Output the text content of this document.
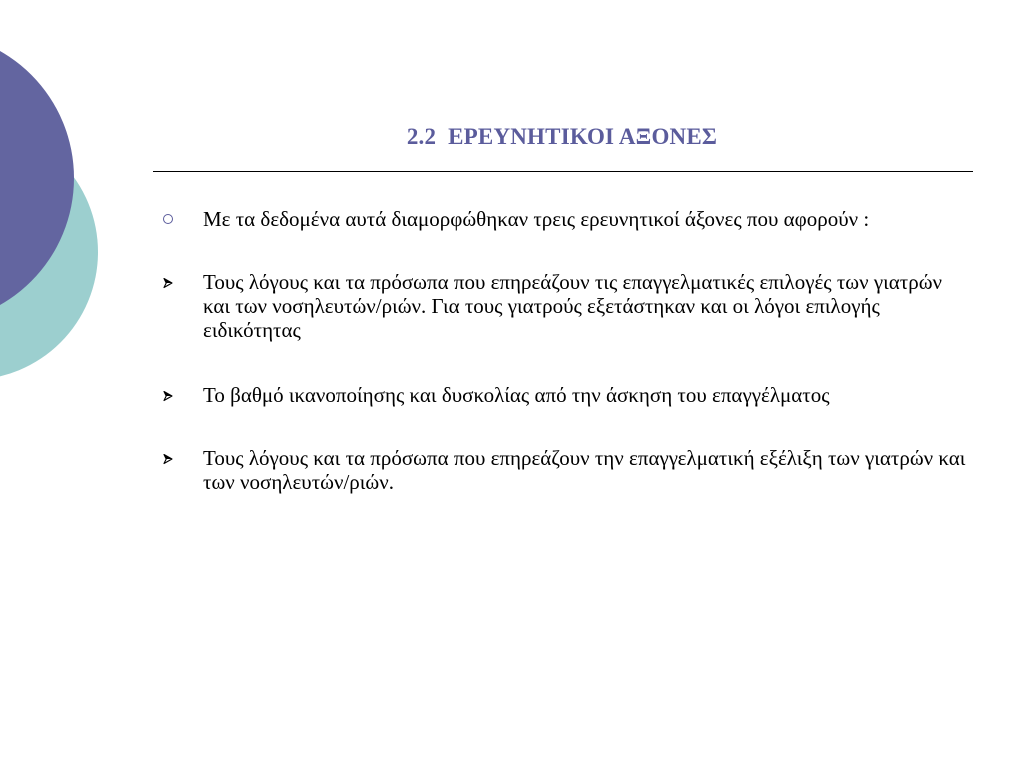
2.2  ΕΡΕΥΝΗΤΙΚΟΙ ΑΞΟΝΕΣ
Με τα δεδομένα αυτά διαμορφώθηκαν τρεις ερευνητικοί άξονες που αφορούν :
Τους λόγους και τα πρόσωπα που επηρεάζουν τις επαγγελματικές επιλογές των γιατρών και των νοσηλευτών/ριών. Για τους γιατρούς εξετάστηκαν και οι λόγοι επιλογής ειδικότητας
Το βαθμό ικανοποίησης και δυσκολίας από την άσκηση του επαγγέλματος
Τους λόγους και τα πρόσωπα που επηρεάζουν την επαγγελματική εξέλιξη των γιατρών και των νοσηλευτών/ριών.
